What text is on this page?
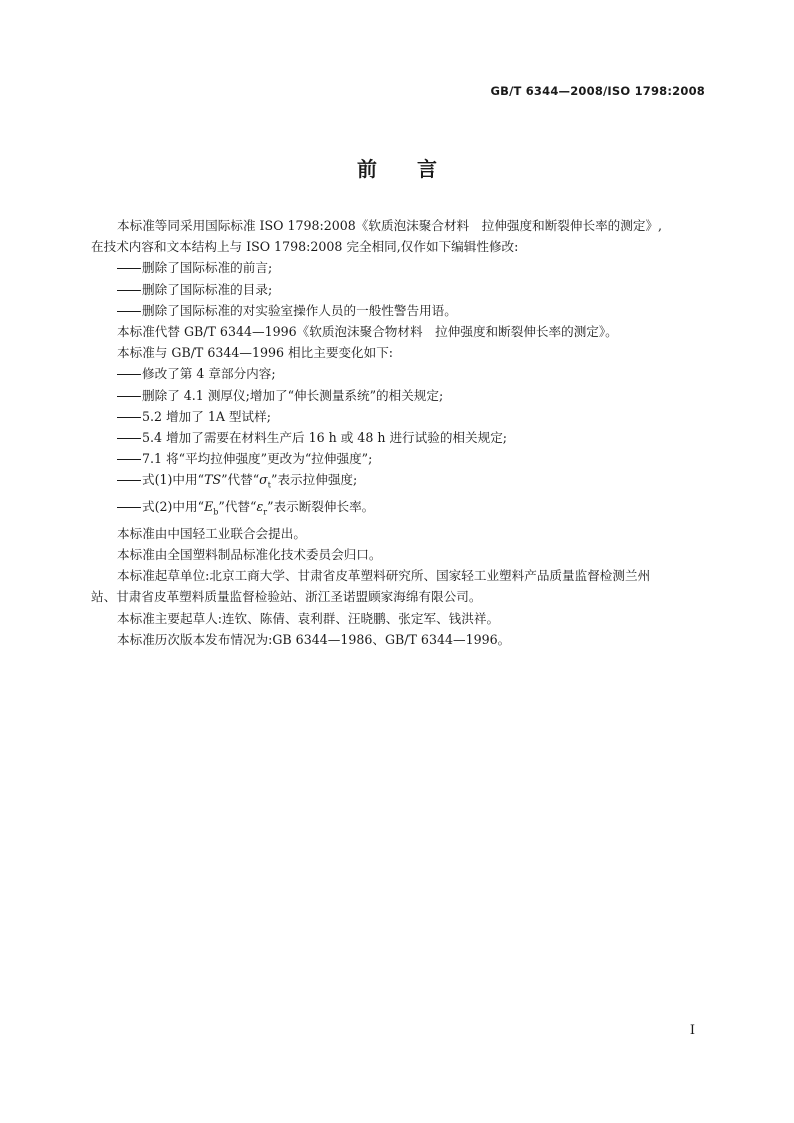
GB/T 6344—2008/ISO 1798:2008
前言

本标准等同采用国际标准 ISO 1798:2008《软质泡沫聚合材料　拉伸强度和断裂伸长率的测定》,

在技术内容和文本结构上与 ISO 1798:2008 完全相同,仅作如下编辑性修改:

删除了国际标准的前言;

删除了国际标准的目录;

删除了国际标准的对实验室操作人员的一般性警告用语。

本标准代替 GB/T 6344—1996《软质泡沫聚合物材料　拉伸强度和断裂伸长率的测定》。

本标准与 GB/T 6344—1996 相比主要变化如下:

修改了第 4 章部分内容;

删除了 4.1 测厚仪;增加了“伸长测量系统”的相关规定;

5.2 增加了 1A 型试样;

5.4 增加了需要在材料生产后 16 h 或 48 h 进行试验的相关规定;

7.1 将“平均拉伸强度”更改为“拉伸强度”;

式(1)中用“TS”代替“$\sigma_t$”表示拉伸强度;

式(2)中用“$E_b$”代替“$\varepsilon_r$”表示断裂伸长率。

本标准由中国轻工业联合会提出。

本标准由全国塑料制品标准化技术委员会归口。

本标准起草单位:北京工商大学、甘肃省皮革塑料研究所、国家轻工业塑料产品质量监督检测兰州

站、甘肃省皮革塑料质量监督检验站、浙江圣诺盟顾家海绵有限公司。

本标准主要起草人:连钦、陈倩、袁利群、汪晓鹏、张定军、钱洪祥。

本标准历次版本发布情况为:GB 6344—1986、GB/T 6344—1996。

I
